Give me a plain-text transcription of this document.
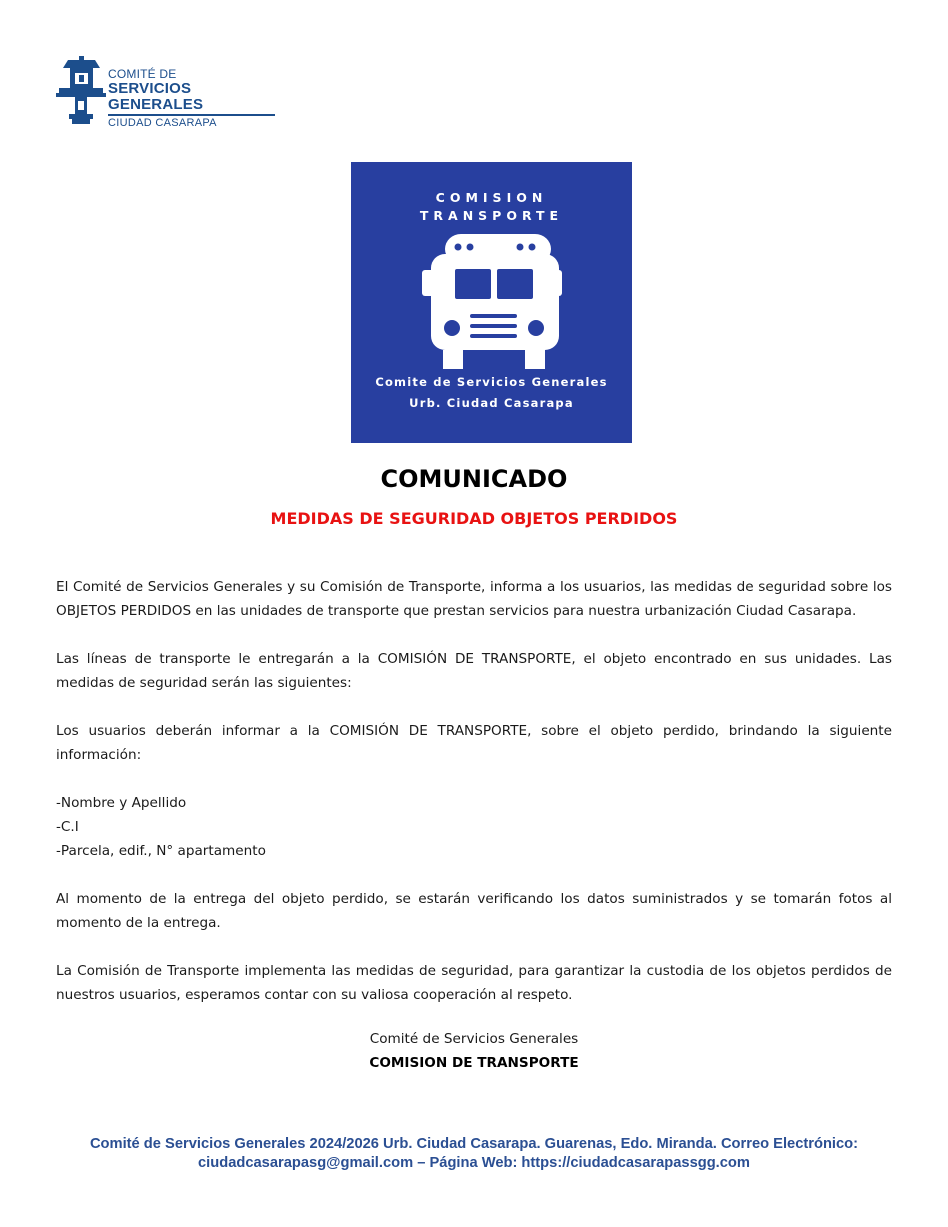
COMITÉ DE
SERVICIOS GENERALES
CIUDAD CASARAPA
COMISION
TRANSPORTE
Comite de Servicios Generales
Urb. Ciudad Casarapa
COMUNICADO
MEDIDAS DE SEGURIDAD OBJETOS PERDIDOS

El Comité de Servicios Generales y su Comisión de Transporte, informa a los usuarios, las medidas de seguridad sobre los OBJETOS PERDIDOS en las unidades de transporte que prestan servicios para nuestra urbanización Ciudad Casarapa.

Las líneas de transporte le entregarán a la COMISIÓN DE TRANSPORTE, el objeto encontrado en sus unidades. Las medidas de seguridad serán las siguientes:

Los usuarios deberán informar a la COMISIÓN DE TRANSPORTE, sobre el objeto perdido, brindando la siguiente información:

-Nombre y Apellido
-C.I
-Parcela, edif., N° apartamento

Al momento de la entrega del objeto perdido, se estarán verificando los datos suministrados y se tomarán fotos al momento de la entrega.

La Comisión de Transporte implementa las medidas de seguridad, para garantizar la custodia de los objetos perdidos de nuestros usuarios, esperamos contar con su valiosa cooperación al respeto.

Comité de Servicios Generales
COMISION DE TRANSPORTE
Comité de Servicios Generales 2024/2026 Urb. Ciudad Casarapa. Guarenas, Edo. Miranda. Correo Electrónico:
ciudadcasarapasg@gmail.com – Página Web: https://ciudadcasarapassgg.com
